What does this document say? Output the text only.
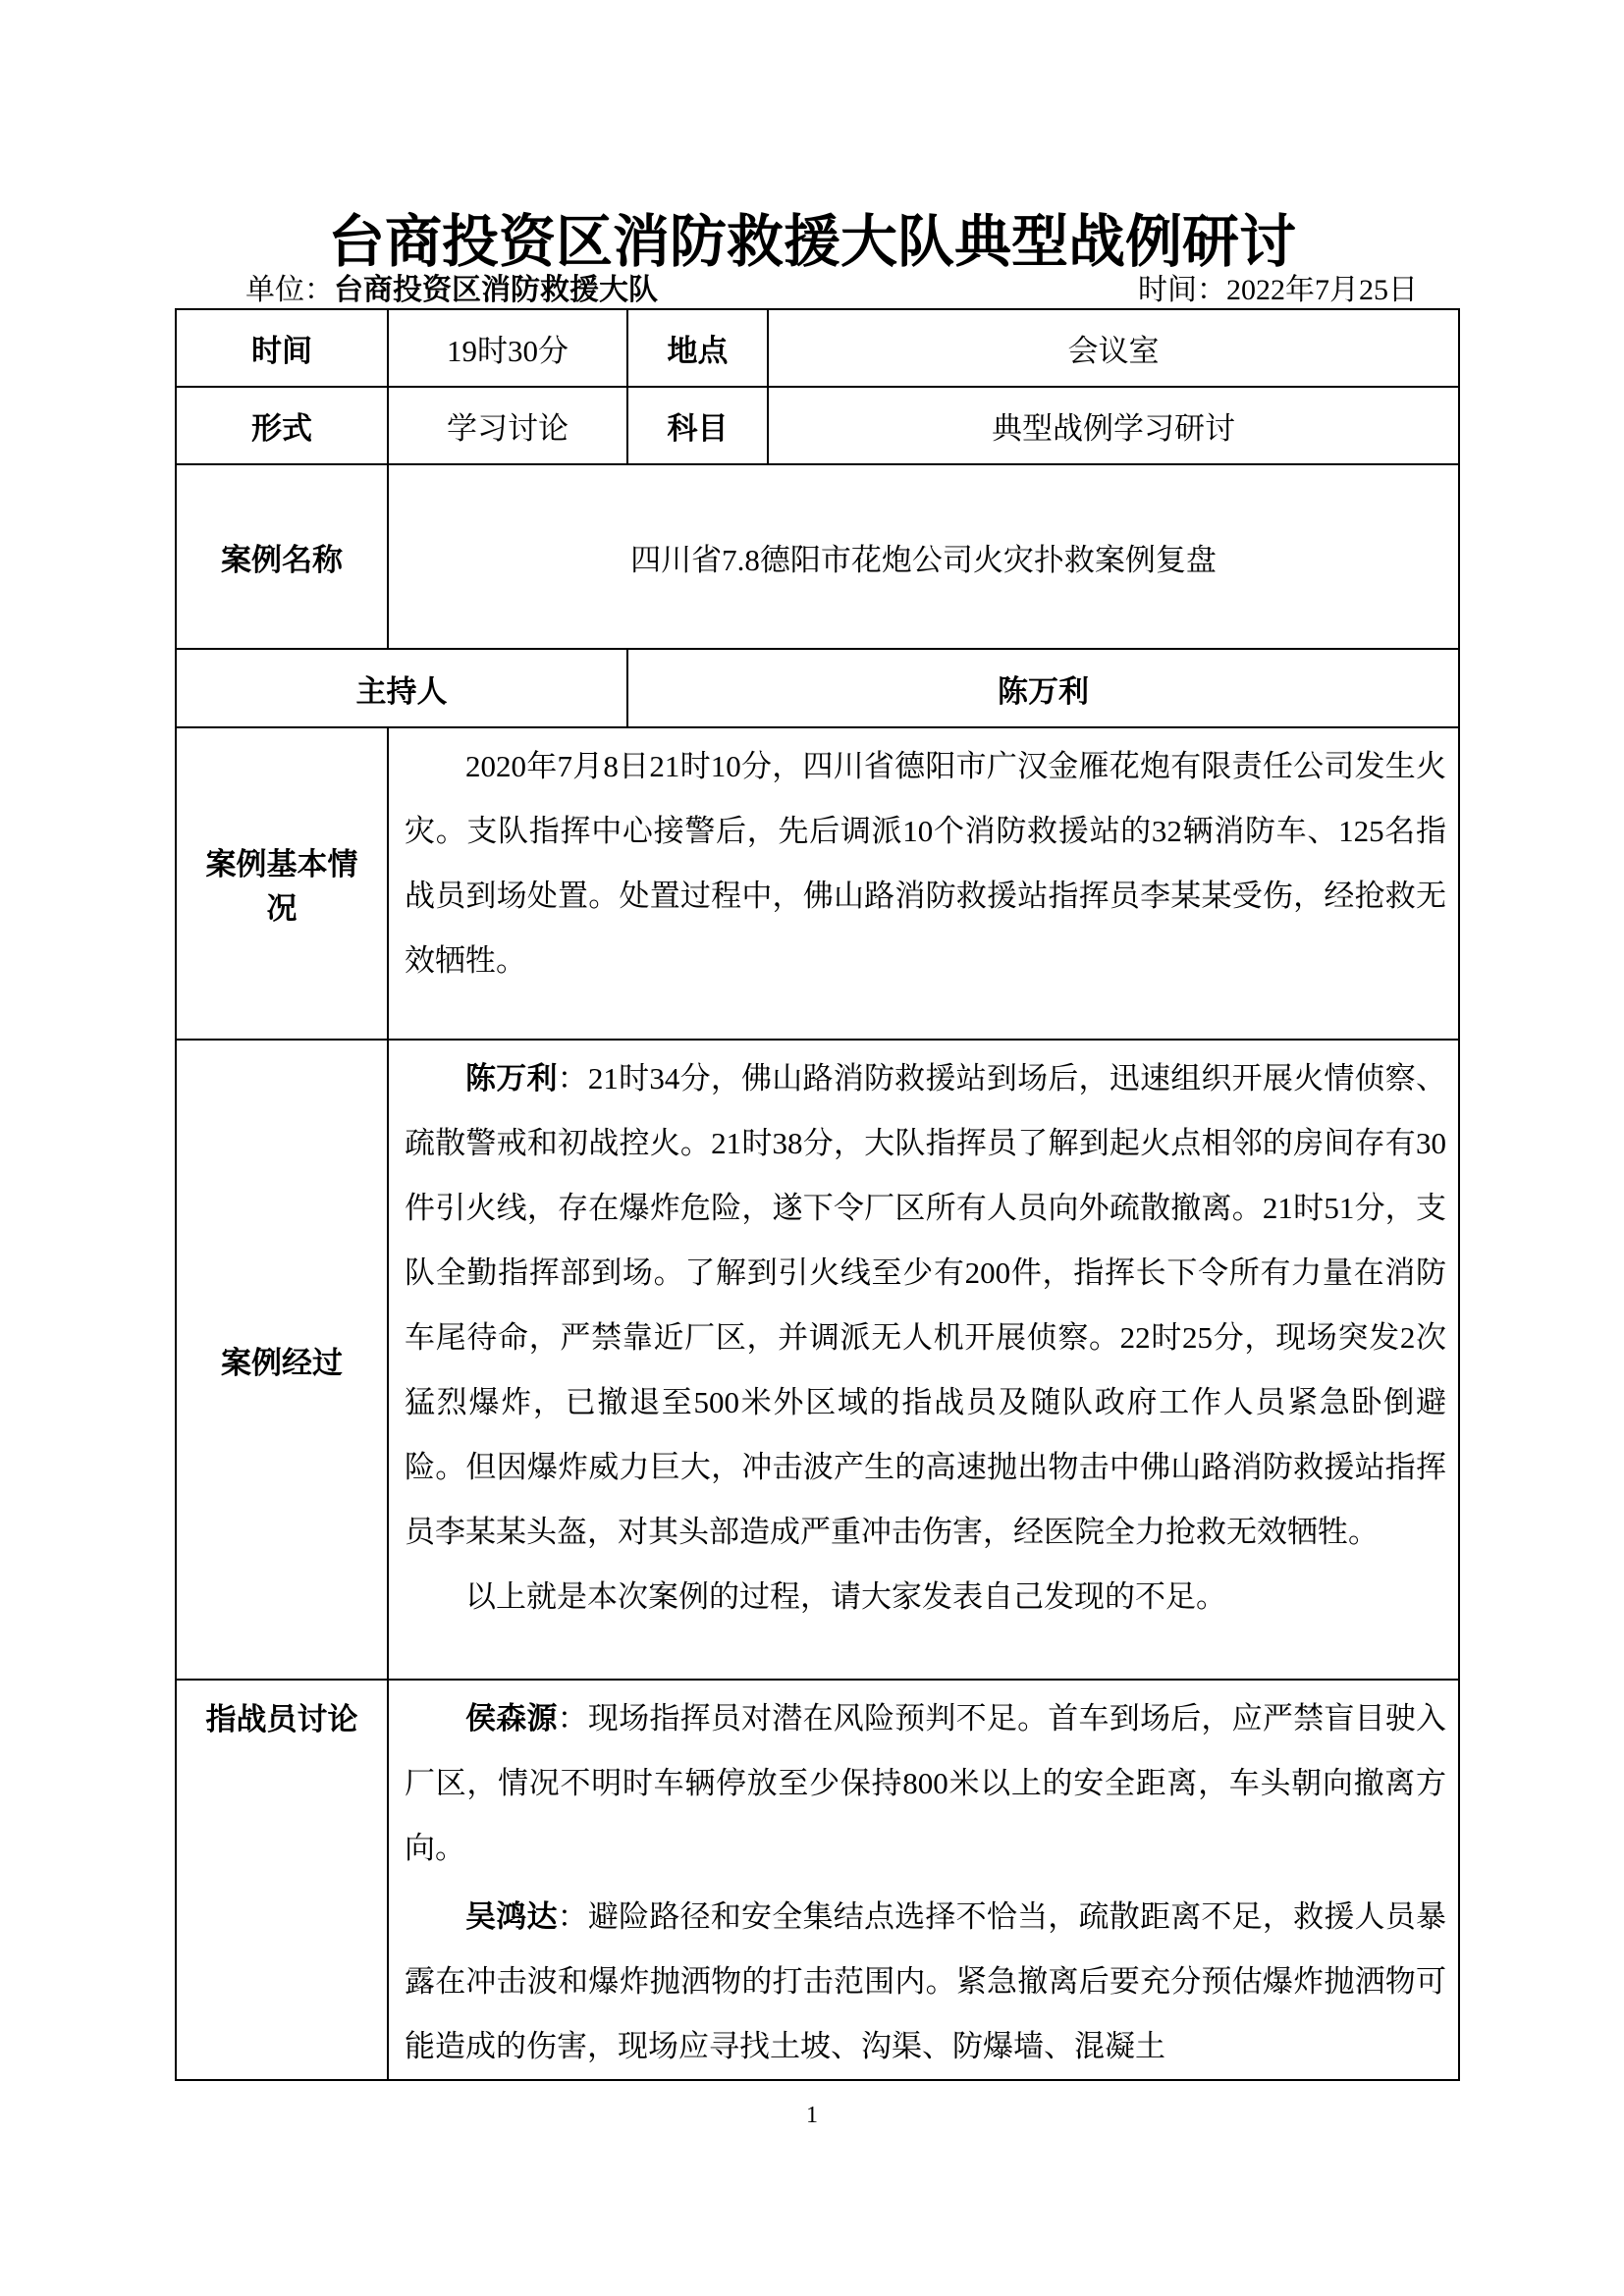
台商投资区消防救援大队典型战例研讨
单位：台商投资区消防救援大队	时间：2022年7月25日
时间	19时30分	地点	会议室
形式	学习讨论	科目	典型战例学习研讨
案例名称	四川省7.8德阳市花炮公司火灾扑救案例复盘		
主持人		陈万利	
案例基本情况	2020年7月8日21时10分，四川省德阳市广汉金雁花炮有限责任公司发生火灾。支队指挥中心接警后，先后调派10个消防救援站的32辆消防车、125名指战员到场处置。处置过程中，佛山路消防救援站指挥员李某某受伤，经抢救无效牺牲。		

案例经过	陈万利：21时34分，佛山路消防救援站到场后，迅速组织开展火情侦察、疏散警戒和初战控火。21时38分，大队指挥员了解到起火点相邻的房间存有30件引火线，存在爆炸危险，遂下令厂区所有人员向外疏散撤离。21时51分，支队全勤指挥部到场。了解到引火线至少有200件，指挥长下令所有力量在消防车尾待命，严禁靠近厂区，并调派无人机开展侦察。22时25分，现场突发2次猛烈爆炸，已撤退至500米外区域的指战员及随队政府工作人员紧急卧倒避险。但因爆炸威力巨大，冲击波产生的高速抛出物击中佛山路消防救援站指挥员李某某头盔，对其头部造成严重冲击伤害，经医院全力抢救无效牺牲。

以上就是本次案例的过程，请大家发表自己发现的不足。		

指战员讨论	侯森源：现场指挥员对潜在风险预判不足。首车到场后，应严禁盲目驶入厂区，情况不明时车辆停放至少保持800米以上的安全距离，车头朝向撤离方向。

吴鸿达：避险路径和安全集结点选择不恰当，疏散距离不足，救援人员暴露在冲击波和爆炸抛洒物的打击范围内。紧急撤离后要充分预估爆炸抛洒物可能造成的伤害，现场应寻找土坡、沟渠、防爆墙、混凝土		

1
